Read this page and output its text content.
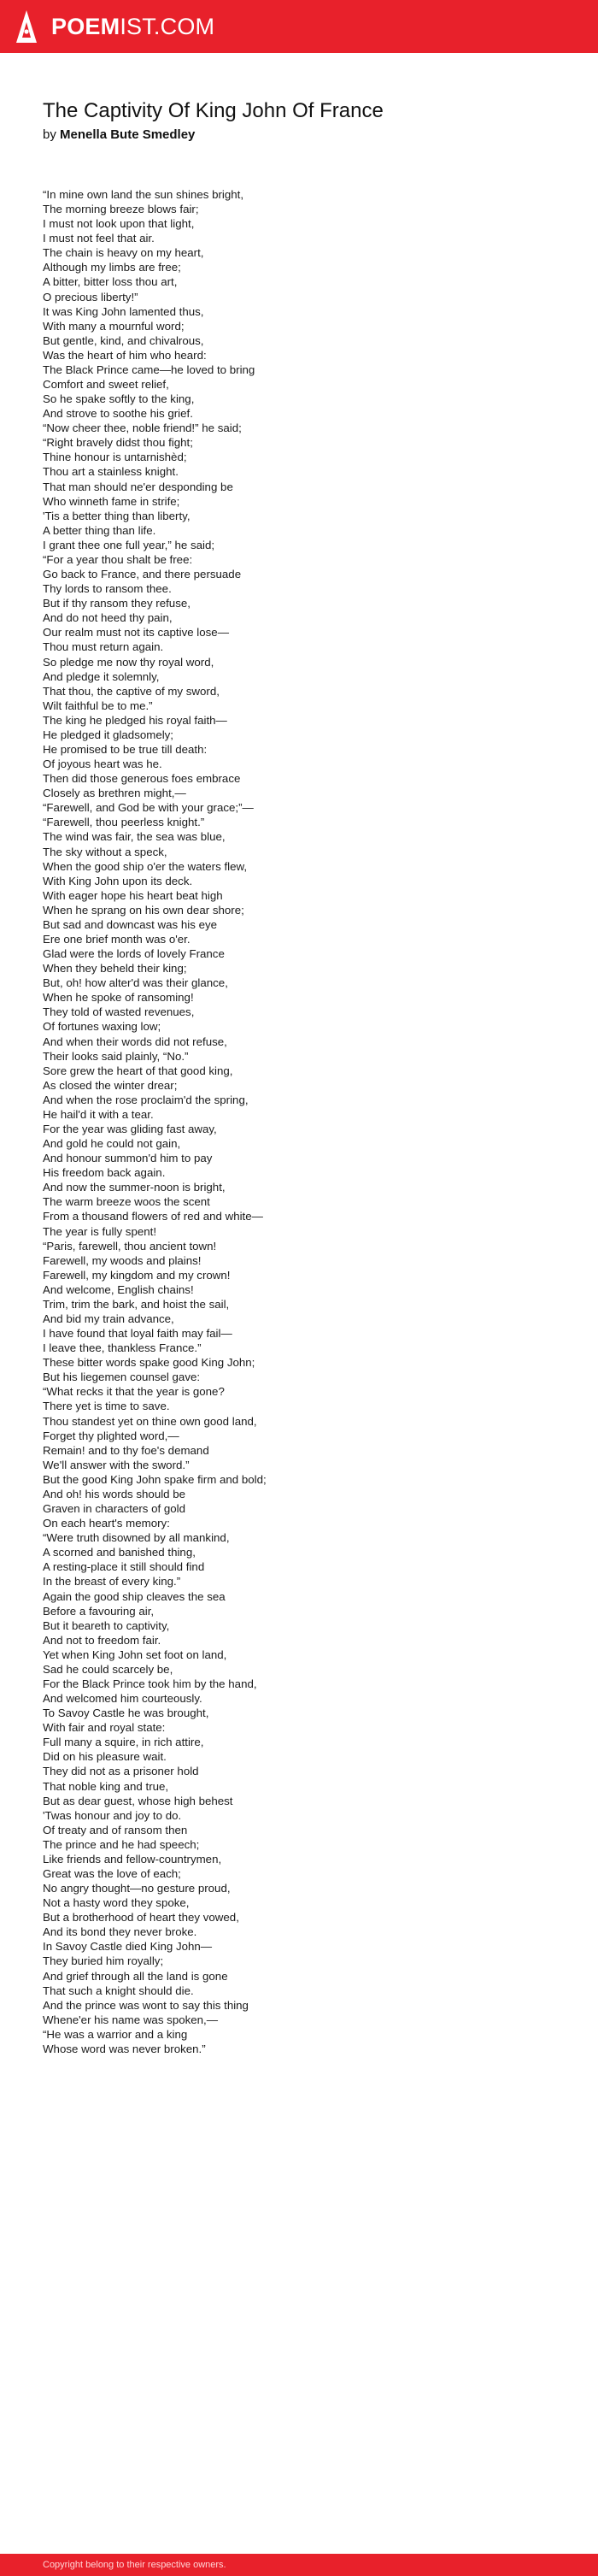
POEMIST.COM
The Captivity Of King John Of France
by Menella Bute Smedley
“In mine own land the sun shines bright,
The morning breeze blows fair;
I must not look upon that light,
I must not feel that air.
The chain is heavy on my heart,
Although my limbs are free;
A bitter, bitter loss thou art,
O precious liberty!”
It was King John lamented thus,
With many a mournful word;
But gentle, kind, and chivalrous,
Was the heart of him who heard:
The Black Prince came—he loved to bring
Comfort and sweet relief,
So he spake softly to the king,
And strove to soothe his grief.
“Now cheer thee, noble friend!” he said;
“Right bravely didst thou fight;
Thine honour is untarnishèd;
Thou art a stainless knight.
That man should ne'er desponding be
Who winneth fame in strife;
'Tis a better thing than liberty,
A better thing than life.
I grant thee one full year,” he said;
“For a year thou shalt be free:
Go back to France, and there persuade
Thy lords to ransom thee.
But if thy ransom they refuse,
And do not heed thy pain,
Our realm must not its captive lose—
Thou must return again.
So pledge me now thy royal word,
And pledge it solemnly,
That thou, the captive of my sword,
Wilt faithful be to me.”
The king he pledged his royal faith—
He pledged it gladsomely;
He promised to be true till death:
Of joyous heart was he.
Then did those generous foes embrace
Closely as brethren might,—
“Farewell, and God be with your grace;”—
“Farewell, thou peerless knight.”
The wind was fair, the sea was blue,
The sky without a speck,
When the good ship o'er the waters flew,
With King John upon its deck.
With eager hope his heart beat high
When he sprang on his own dear shore;
But sad and downcast was his eye
Ere one brief month was o'er.
Glad were the lords of lovely France
When they beheld their king;
But, oh! how alter'd was their glance,
When he spoke of ransoming!
They told of wasted revenues,
Of fortunes waxing low;
And when their words did not refuse,
Their looks said plainly, “No.”
Sore grew the heart of that good king,
As closed the winter drear;
And when the rose proclaim'd the spring,
He hail'd it with a tear.
For the year was gliding fast away,
And gold he could not gain,
And honour summon'd him to pay
His freedom back again.
And now the summer-noon is bright,
The warm breeze woos the scent
From a thousand flowers of red and white—
The year is fully spent!
“Paris, farewell, thou ancient town!
Farewell, my woods and plains!
Farewell, my kingdom and my crown!
And welcome, English chains!
Trim, trim the bark, and hoist the sail,
And bid my train advance,
I have found that loyal faith may fail—
I leave thee, thankless France.”
These bitter words spake good King John;
But his liegemen counsel gave:
“What recks it that the year is gone?
There yet is time to save.
Thou standest yet on thine own good land,
Forget thy plighted word,—
Remain! and to thy foe's demand
We'll answer with the sword.”
But the good King John spake firm and bold;
And oh! his words should be
Graven in characters of gold
On each heart's memory:
“Were truth disowned by all mankind,
A scorned and banished thing,
A resting-place it still should find
In the breast of every king.”
Again the good ship cleaves the sea
Before a favouring air,
But it beareth to captivity,
And not to freedom fair.
Yet when King John set foot on land,
Sad he could scarcely be,
For the Black Prince took him by the hand,
And welcomed him courteously.
To Savoy Castle he was brought,
With fair and royal state:
Full many a squire, in rich attire,
Did on his pleasure wait.
They did not as a prisoner hold
That noble king and true,
But as dear guest, whose high behest
'Twas honour and joy to do.
Of treaty and of ransom then
The prince and he had speech;
Like friends and fellow-countrymen,
Great was the love of each;
No angry thought—no gesture proud,
Not a hasty word they spoke,
But a brotherhood of heart they vowed,
And its bond they never broke.
In Savoy Castle died King John—
They buried him royally;
And grief through all the land is gone
That such a knight should die.
And the prince was wont to say this thing
Whene'er his name was spoken,—
“He was a warrior and a king
Whose word was never broken.”
Copyright belong to their respective owners.
